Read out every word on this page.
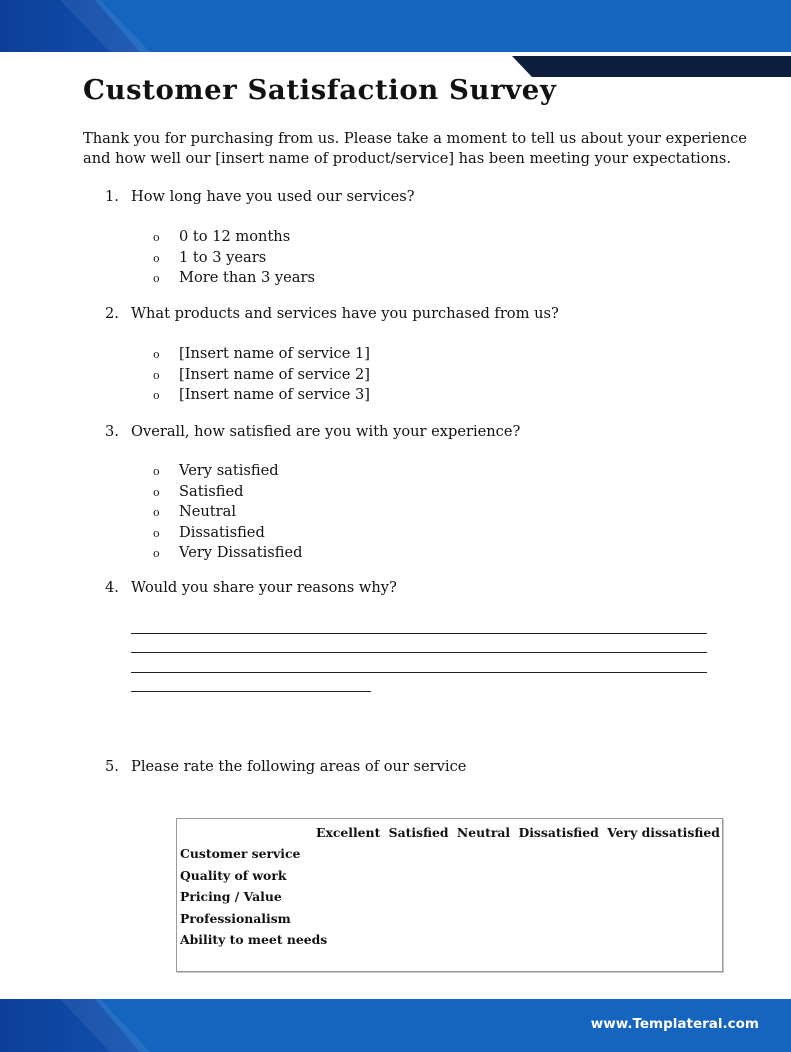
Customer Satisfaction Survey

Thank you for purchasing from us. Please take a moment to tell us about your experience

and how well our [insert name of product/service] has been meeting your expectations.

1. How long have you used our services?
o 0 to 12 months
o 1 to 3 years
o More than 3 years
2. What products and services have you purchased from us?
o [Insert name of service 1]
o [Insert name of service 2]
o [Insert name of service 3]
3. Overall, how satisfied are you with your experience?
o Very satisfied
o Satisfied
o Neutral
o Dissatisfied
o Very Dissatisfied
4. Would you share your reasons why?
5. Please rate the following areas of our service
Excellent Satisfied Neutral Dissatisfied Very dissatisfied
Customer service
Quality of work
Pricing / Value
Professionalism
Ability to meet needs
www.Templateral.com
